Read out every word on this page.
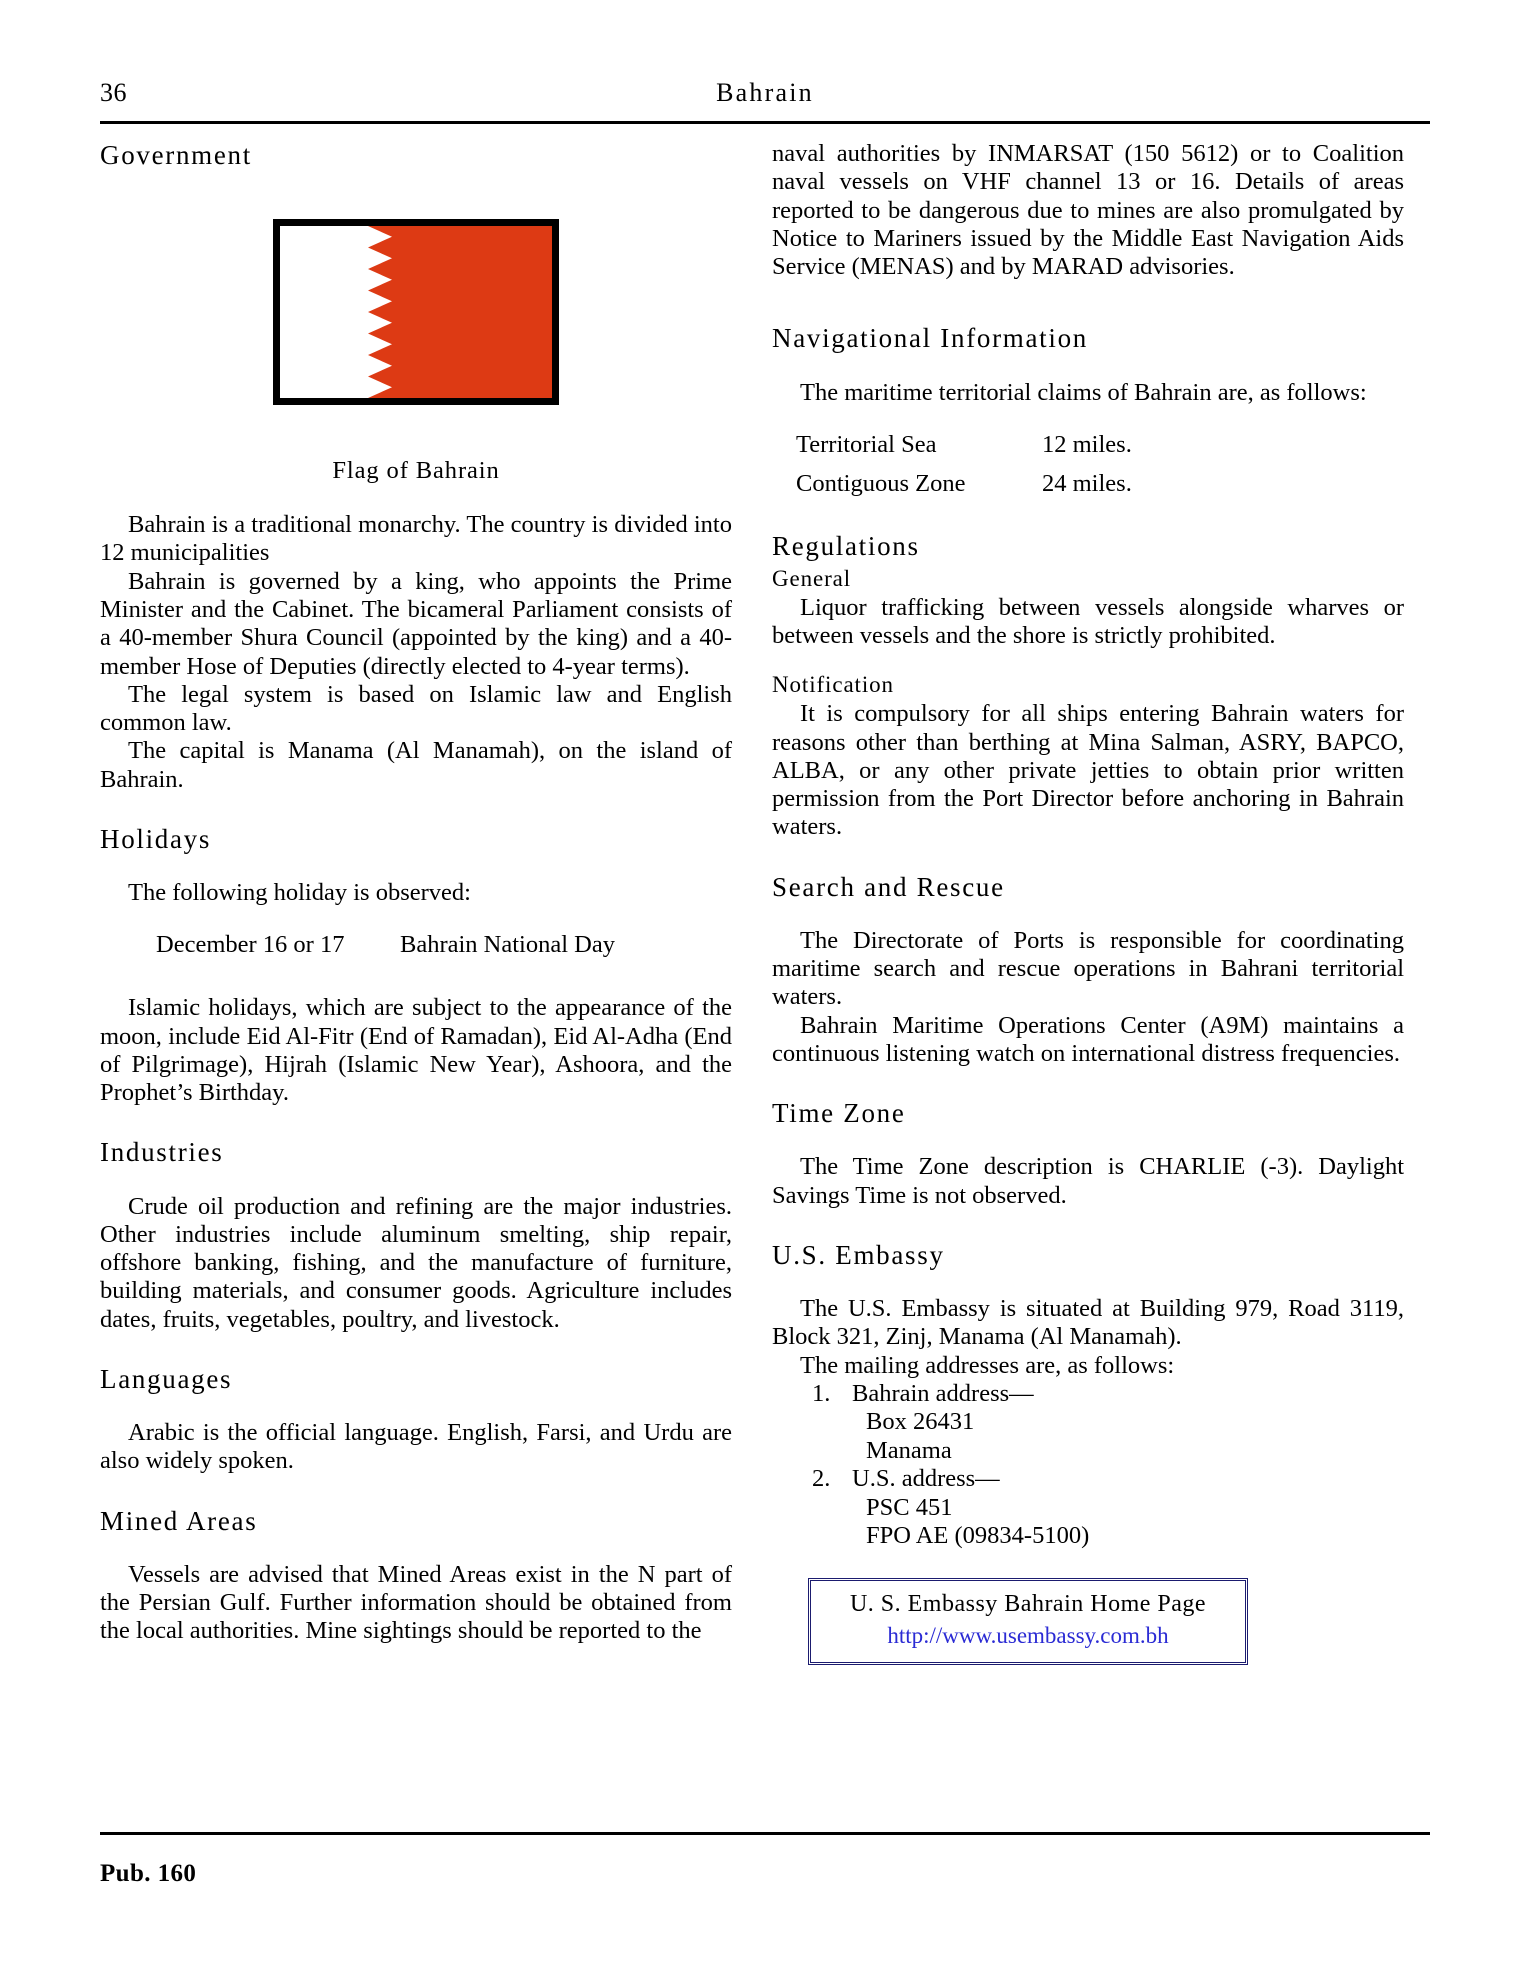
36	Bahrain
Government
Flag of Bahrain

Bahrain is a traditional monarchy. The country is divided into 12 municipalities

Bahrain is governed by a king, who appoints the Prime Minister and the Cabinet. The bicameral Parliament consists of a 40-member Shura Council (appointed by the king) and a 40-member Hose of Deputies (directly elected to 4-year terms).

The legal system is based on Islamic law and English common law.

The capital is Manama (Al Manamah), on the island of Bahrain.

Holidays

The following holiday is observed:

December 16 or 17	Bahrain National Day

Islamic holidays, which are subject to the appearance of the moon, include Eid Al-Fitr (End of Ramadan), Eid Al-Adha (End of Pilgrimage), Hijrah (Islamic New Year), Ashoora, and the Prophet’s Birthday.

Industries

Crude oil production and refining are the major industries. Other industries include aluminum smelting, ship repair, offshore banking, fishing, and the manufacture of furniture, building materials, and consumer goods. Agriculture includes dates, fruits, vegetables, poultry, and livestock.

Languages

Arabic is the official language. English, Farsi, and Urdu are also widely spoken.

Mined Areas

Vessels are advised that Mined Areas exist in the N part of the Persian Gulf. Further information should be obtained from the local authorities. Mine sightings should be reported to the

naval authorities by INMARSAT (150 5612) or to Coalition naval vessels on VHF channel 13 or 16. Details of areas reported to be dangerous due to mines are also promulgated by Notice to Mariners issued by the Middle East Navigation Aids Service (MENAS) and by MARAD advisories.

Navigational Information

The maritime territorial claims of Bahrain are, as follows:

Territorial Sea	12 miles.
Contiguous Zone	24 miles.
Regulations
General

Liquor trafficking between vessels alongside wharves or between vessels and the shore is strictly prohibited.

Notification

It is compulsory for all ships entering Bahrain waters for reasons other than berthing at Mina Salman, ASRY, BAPCO, ALBA, or any other private jetties to obtain prior written permission from the Port Director before anchoring in Bahrain waters.

Search and Rescue

The Directorate of Ports is responsible for coordinating maritime search and rescue operations in Bahrani territorial waters.

Bahrain Maritime Operations Center (A9M) maintains a continuous listening watch on international distress frequencies.

Time Zone

The Time Zone description is CHARLIE (-3). Daylight Savings Time is not observed.

U.S. Embassy

The U.S. Embassy is situated at Building 979, Road 3119, Block 321, Zinj, Manama (Al Manamah).

The mailing addresses are, as follows:

1. Bahrain address—
Box 26431
Manama
2. U.S. address—
PSC 451
FPO AE (09834-5100)
U. S. Embassy Bahrain Home Page
http://www.usembassy.com.bh
Pub. 160
